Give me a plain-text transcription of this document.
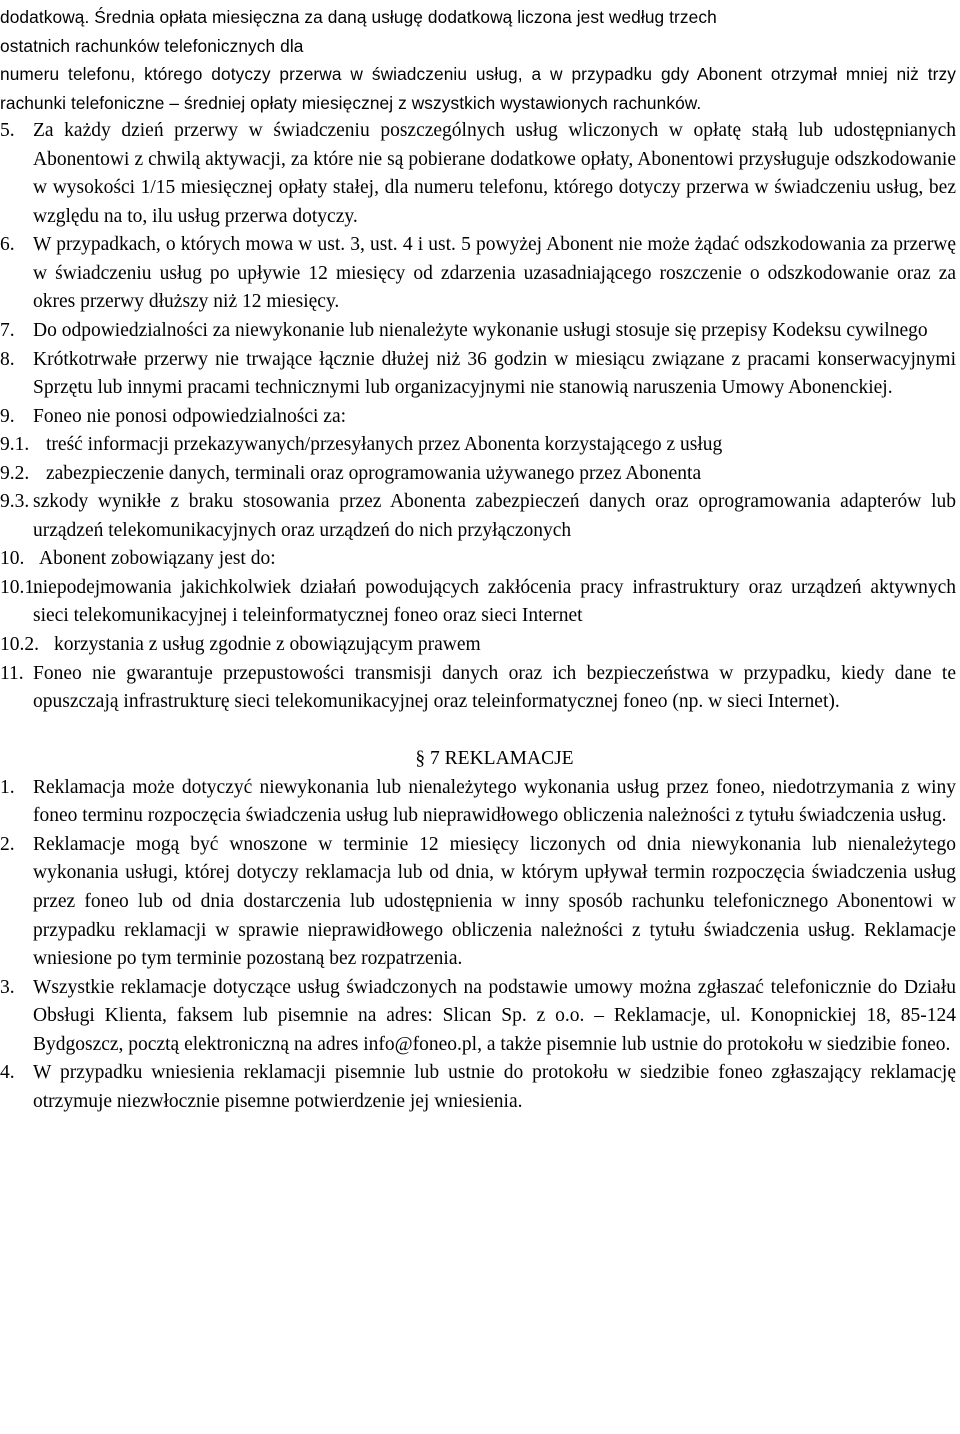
dodatkową. Średnia opłata miesięczna za daną usługę dodatkową liczona jest według trzech
ostatnich rachunków telefonicznych dla
numeru telefonu, którego dotyczy przerwa w świadczeniu usług, a w przypadku gdy Abonent otrzymał mniej niż trzy rachunki telefoniczne – średniej opłaty miesięcznej z wszystkich wystawionych rachunków.
5. Za każdy dzień przerwy w świadczeniu poszczególnych usług wliczonych w opłatę stałą lub udostępnianych Abonentowi z chwilą aktywacji, za które nie są pobierane dodatkowe opłaty, Abonentowi przysługuje odszkodowanie w wysokości 1/15 miesięcznej opłaty stałej, dla numeru telefonu, którego dotyczy przerwa w świadczeniu usług, bez względu na to, ilu usług przerwa dotyczy.
6. W przypadkach, o których mowa w ust. 3, ust. 4 i ust. 5 powyżej Abonent nie może żądać odszkodowania za przerwę w świadczeniu usług po upływie 12 miesięcy od zdarzenia uzasadniającego roszczenie o odszkodowanie oraz za okres przerwy dłuższy niż 12 miesięcy.
7. Do odpowiedzialności za niewykonanie lub nienależyte wykonanie usługi stosuje się przepisy Kodeksu cywilnego
8. Krótkotrwałe przerwy nie trwające łącznie dłużej niż 36 godzin w miesiącu związane z pracami konserwacyjnymi Sprzętu lub innymi pracami technicznymi lub organizacyjnymi nie stanowią naruszenia Umowy Abonenckiej.
9. Foneo nie ponosi odpowiedzialności za:
9.1. treść informacji przekazywanych/przesyłanych przez Abonenta korzystającego z usług
9.2. zabezpieczenie danych, terminali oraz oprogramowania używanego przez Abonenta
9.3. szkody wynikłe z braku stosowania przez Abonenta zabezpieczeń danych oraz oprogramowania adapterów lub urządzeń telekomunikacyjnych oraz urządzeń do nich przyłączonych
10. Abonent zobowiązany jest do:
10.1.
niepodejmowania jakichkolwiek działań powodujących zakłócenia pracy infrastruktury oraz urządzeń aktywnych sieci telekomunikacyjnej i teleinformatycznej foneo oraz sieci Internet
10.2. korzystania z usług zgodnie z obowiązującym prawem
11. Foneo nie gwarantuje przepustowości transmisji danych oraz ich bezpieczeństwa w przypadku, kiedy dane te opuszczają infrastrukturę sieci telekomunikacyjnej oraz teleinformatycznej foneo (np. w sieci Internet).
§ 7 REKLAMACJE
1. Reklamacja może dotyczyć niewykonania lub nienależytego wykonania usług przez foneo, niedotrzymania z winy foneo terminu rozpoczęcia świadczenia usług lub nieprawidłowego obliczenia należności z tytułu świadczenia usług.
2. Reklamacje mogą być wnoszone w terminie 12 miesięcy liczonych od dnia niewykonania lub nienależytego wykonania usługi, której dotyczy reklamacja lub od dnia, w którym upływał termin rozpoczęcia świadczenia usług przez foneo lub od dnia dostarczenia lub udostępnienia w inny sposób rachunku telefonicznego Abonentowi w przypadku reklamacji w sprawie nieprawidłowego obliczenia należności z tytułu świadczenia usług. Reklamacje wniesione po tym terminie pozostaną bez rozpatrzenia.
3. Wszystkie reklamacje dotyczące usług świadczonych na podstawie umowy można zgłaszać telefonicznie do Działu Obsługi Klienta, faksem lub pisemnie na adres: Slican Sp. z o.o. – Reklamacje, ul. Konopnickiej 18, 85-124 Bydgoszcz, pocztą elektroniczną na adres info@foneo.pl, a także pisemnie lub ustnie do protokołu w siedzibie foneo.
4. W przypadku wniesienia reklamacji pisemnie lub ustnie do protokołu w siedzibie foneo zgłaszający reklamację otrzymuje niezwłocznie pisemne potwierdzenie jej wniesienia.
